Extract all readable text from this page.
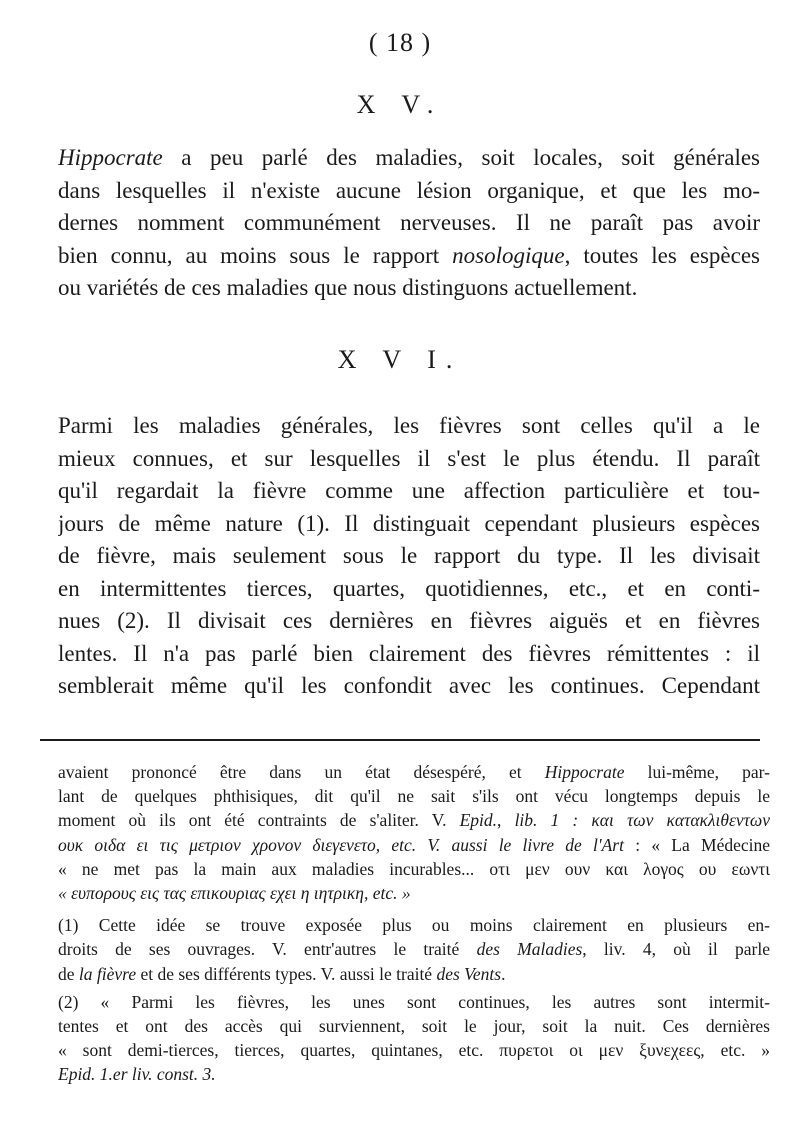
( 18 )
X V.
Hippocrate a peu parlé des maladies, soit locales, soit générales
dans lesquelles il n'existe aucune lésion organique, et que les mo-
dernes nomment communément nerveuses. Il ne paraît pas avoir
bien connu, au moins sous le rapport nosologique, toutes les espèces
ou variétés de ces maladies que nous distinguons actuellement.
X V I.
Parmi les maladies générales, les fièvres sont celles qu'il a le
mieux connues, et sur lesquelles il s'est le plus étendu. Il paraît
qu'il regardait la fièvre comme une affection particulière et tou-
jours de même nature (1). Il distinguait cependant plusieurs espèces
de fièvre, mais seulement sous le rapport du type. Il les divisait
en intermittentes tierces, quartes, quotidiennes, etc., et en conti-
nues (2). Il divisait ces dernières en fièvres aiguës et en fièvres
lentes. Il n'a pas parlé bien clairement des fièvres rémittentes : il
semblerait même qu'il les confondit avec les continues. Cependant
avaient prononcé être dans un état désespéré, et Hippocrate lui-même, par-
lant de quelques phthisiques, dit qu'il ne sait s'ils ont vécu longtemps depuis le
moment où ils ont été contraints de s'aliter. V. Epid., lib. 1 : και των κατακλιθεντων
ουκ οιδα ει τις μετριον χρονον διεγενετο, etc. V. aussi le livre de l'Art : « La Médecine
« ne met pas la main aux maladies incurables... οτι μεν ουν και λογος ου εωντι
« ευπορους εις τας επικουριας εχει η ιητρικη, etc. »
(1) Cette idée se trouve exposée plus ou moins clairement en plusieurs en-
droits de ses ouvrages. V. entr'autres le traité des Maladies, liv. 4, où il parle
de la fièvre et de ses différents types. V. aussi le traité des Vents.
(2) « Parmi les fièvres, les unes sont continues, les autres sont intermit-
tentes et ont des accès qui surviennent, soit le jour, soit la nuit. Ces dernières
« sont demi-tierces, tierces, quartes, quintanes, etc. πυρετοι οι μεν ξυνεχεες, etc. »
Epid. 1.er liv. const. 3.
